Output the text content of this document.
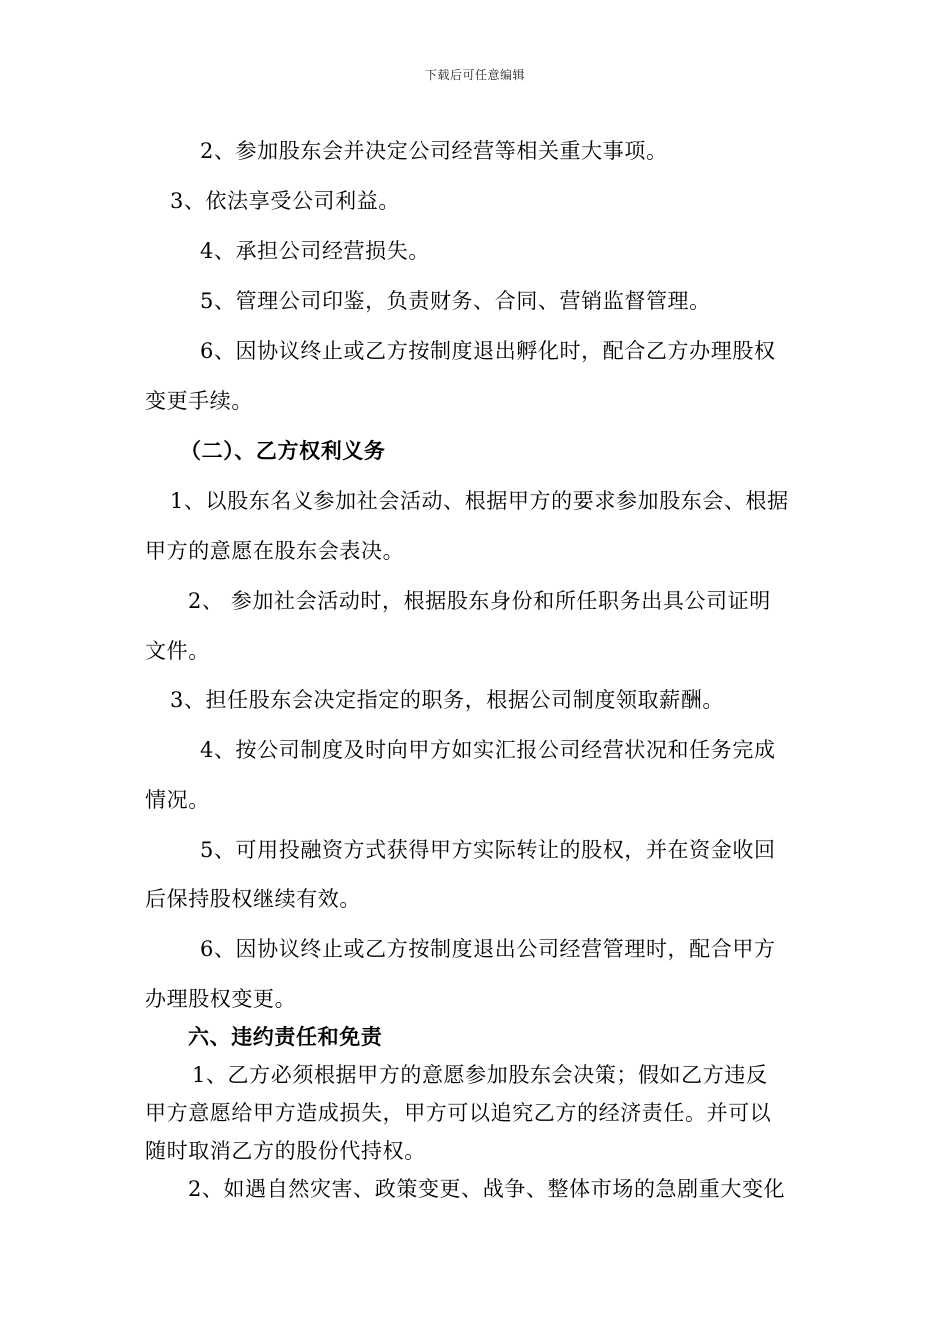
下载后可任意编辑
2、参加股东会并决定公司经营等相关重大事项。
3、依法享受公司利益。
4、承担公司经营损失。
5、管理公司印鉴，负责财务、合同、营销监督管理。
6、因协议终止或乙方按制度退出孵化时，配合乙方办理股权
变更手续。
（二）、乙方权利义务
1、以股东名义参加社会活动、根据甲方的要求参加股东会、根据
甲方的意愿在股东会表决。
2、 参加社会活动时，根据股东身份和所任职务出具公司证明
文件。
3、担任股东会决定指定的职务，根据公司制度领取薪酬。
4、按公司制度及时向甲方如实汇报公司经营状况和任务完成
情况。
5、可用投融资方式获得甲方实际转让的股权，并在资金收回
后保持股权继续有效。
6、因协议终止或乙方按制度退出公司经营管理时，配合甲方
办理股权变更。
六、违约责任和免责
1、乙方必须根据甲方的意愿参加股东会决策；假如乙方违反
甲方意愿给甲方造成损失，甲方可以追究乙方的经济责任。并可以
随时取消乙方的股份代持权。
2、如遇自然灾害、政策变更、战争、整体市场的急剧重大变化
